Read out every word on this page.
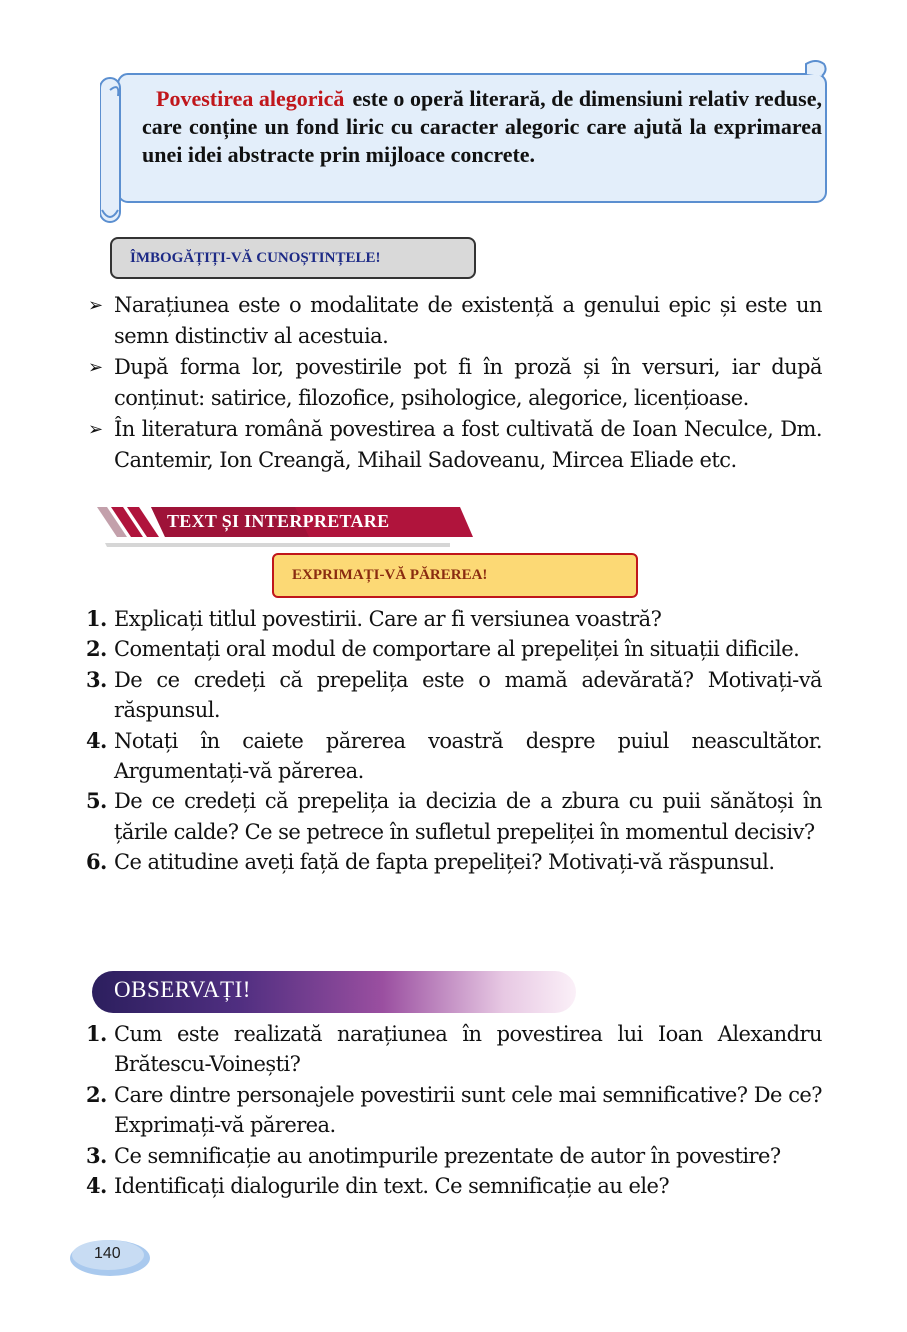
Povestirea alegorică este o operă literară, de dimensiuni relativ reduse, care conține un fond liric cu caracter alegoric care ajută la exprimarea unei idei abstracte prin mijloace concrete.
ÎMBOGĂȚIȚI-VĂ CUNOȘTINȚELE!
➢ Narațiunea este o modalitate de existență a genului epic și este un semn distinctiv al acestuia.
➢ După forma lor, povestirile pot fi în proză și în versuri, iar după conținut: satirice, filozofice, psihologice, alegorice, licențioase.
➢ În literatura română povestirea a fost cultivată de Ioan Neculce, Dm. Cantemir, Ion Creangă, Mihail Sadoveanu, Mircea Eliade etc.
TEXT ȘI INTERPRETARE
EXPRIMAȚI-VĂ PĂREREA!
1. Explicați titlul povestirii. Care ar fi versiunea voastră?
2. Comentați oral modul de comportare al prepeliței în situații dificile.
3. De ce credeți că prepelița este o mamă adevărată? Motivați-vă răspunsul.
4. Notați în caiete părerea voastră despre puiul neascultător. Argumentați-vă părerea.
5. De ce credeți că prepelița ia decizia de a zbura cu puii sănătoși în țările calde? Ce se petrece în sufletul prepeliței în momentul decisiv?
6. Ce atitudine aveți față de fapta prepeliței? Motivați-vă răspunsul.
OBSERVAȚI!
1. Cum este realizată narațiunea în povestirea lui Ioan Alexandru Brătescu-Voinești?
2. Care dintre personajele povestirii sunt cele mai semnificative? De ce? Exprimați-vă părerea.
3. Ce semnificație au anotimpurile prezentate de autor în povestire?
4. Identificați dialogurile din text. Ce semnificație au ele?
140
